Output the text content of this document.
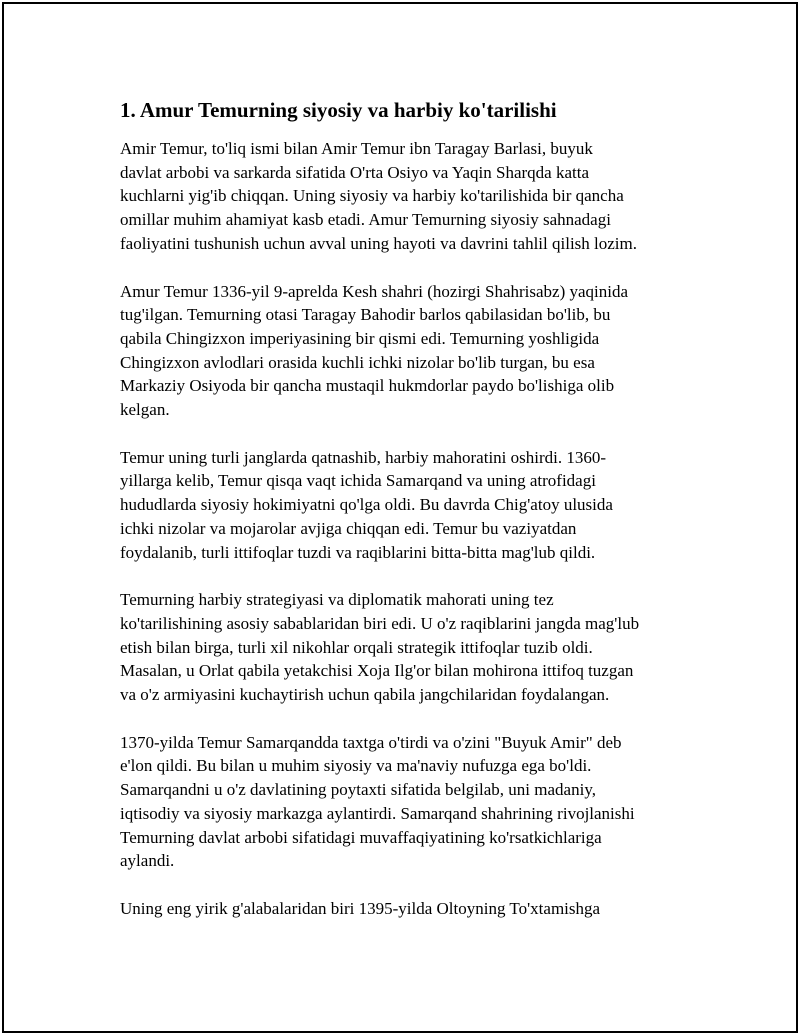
1. Amur Temurning siyosiy va harbiy ko'tarilishi
Amir Temur, to'liq ismi bilan Amir Temur ibn Taragay Barlasi, buyuk
davlat arbobi va sarkarda sifatida O'rta Osiyo va Yaqin Sharqda katta
kuchlarni yig'ib chiqqan. Uning siyosiy va harbiy ko'tarilishida bir qancha
omillar muhim ahamiyat kasb etadi. Amur Temurning siyosiy sahnadagi
faoliyatini tushunish uchun avval uning hayoti va davrini tahlil qilish lozim.
Amur Temur 1336-yil 9-aprelda Kesh shahri (hozirgi Shahrisabz) yaqinida
tug'ilgan. Temurning otasi Taragay Bahodir barlos qabilasidan bo'lib, bu
qabila Chingizxon imperiyasining bir qismi edi. Temurning yoshligida
Chingizxon avlodlari orasida kuchli ichki nizolar bo'lib turgan, bu esa
Markaziy Osiyoda bir qancha mustaqil hukmdorlar paydo bo'lishiga olib
kelgan.
Temur uning turli janglarda qatnashib, harbiy mahoratini oshirdi. 1360-
yillarga kelib, Temur qisqa vaqt ichida Samarqand va uning atrofidagi
hududlarda siyosiy hokimiyatni qo'lga oldi. Bu davrda Chig'atoy ulusida
ichki nizolar va mojarolar avjiga chiqqan edi. Temur bu vaziyatdan
foydalanib, turli ittifoqlar tuzdi va raqiblarini bitta-bitta mag'lub qildi.
Temurning harbiy strategiyasi va diplomatik mahorati uning tez
ko'tarilishining asosiy sabablaridan biri edi. U o'z raqiblarini jangda mag'lub
etish bilan birga, turli xil nikohlar orqali strategik ittifoqlar tuzib oldi.
Masalan, u Orlat qabila yetakchisi Xoja Ilg'or bilan mohirona ittifoq tuzgan
va o'z armiyasini kuchaytirish uchun qabila jangchilaridan foydalangan.
1370-yilda Temur Samarqandda taxtga o'tirdi va o'zini "Buyuk Amir" deb
e'lon qildi. Bu bilan u muhim siyosiy va ma'naviy nufuzga ega bo'ldi.
Samarqandni u o'z davlatining poytaxti sifatida belgilab, uni madaniy,
iqtisodiy va siyosiy markazga aylantirdi. Samarqand shahrining rivojlanishi
Temurning davlat arbobi sifatidagi muvaffaqiyatining ko'rsatkichlariga
aylandi.
Uning eng yirik g'alabalaridan biri 1395-yilda Oltoyning To'xtamishga
